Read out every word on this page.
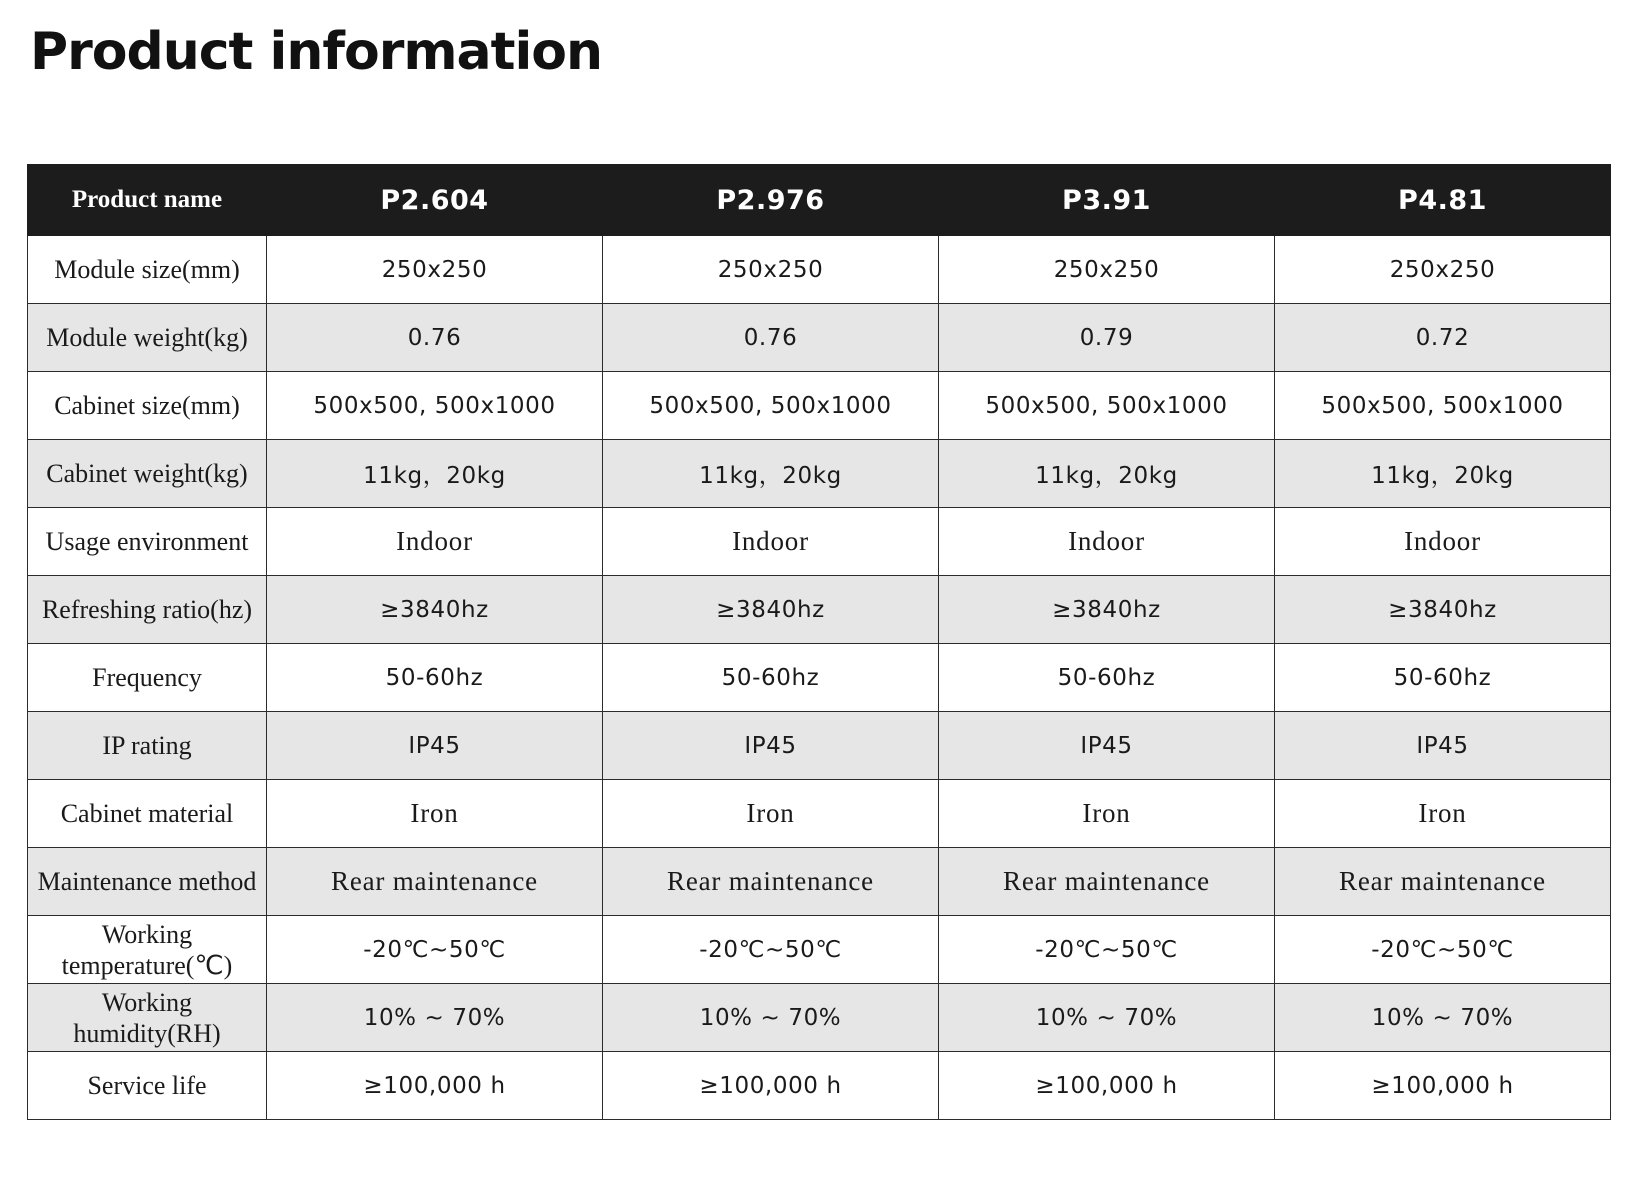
Product information
Product name	P2.604	P2.976	P3.91	P4.81
Module size(mm)	250x250	250x250	250x250	250x250
Module weight(kg)	0.76	0.76	0.79	0.72
Cabinet size(mm)	500x500, 500x1000	500x500, 500x1000	500x500, 500x1000	500x500, 500x1000
Cabinet weight(kg)	11kg，20kg	11kg，20kg	11kg，20kg	11kg，20kg
Usage environment	Indoor	Indoor	Indoor	Indoor
Refreshing ratio(hz)	≥3840hz	≥3840hz	≥3840hz	≥3840hz
Frequency	50-60hz	50-60hz	50-60hz	50-60hz
IP rating	IP45	IP45	IP45	IP45
Cabinet material	Iron	Iron	Iron	Iron
Maintenance method	Rear maintenance	Rear maintenance	Rear maintenance	Rear maintenance
Working temperature(℃)	-20℃~50℃	-20℃~50℃	-20℃~50℃	-20℃~50℃
Working humidity(RH)	10% ~ 70%	10% ~ 70%	10% ~ 70%	10% ~ 70%
Service life	≥100,000 h	≥100,000 h	≥100,000 h	≥100,000 h
